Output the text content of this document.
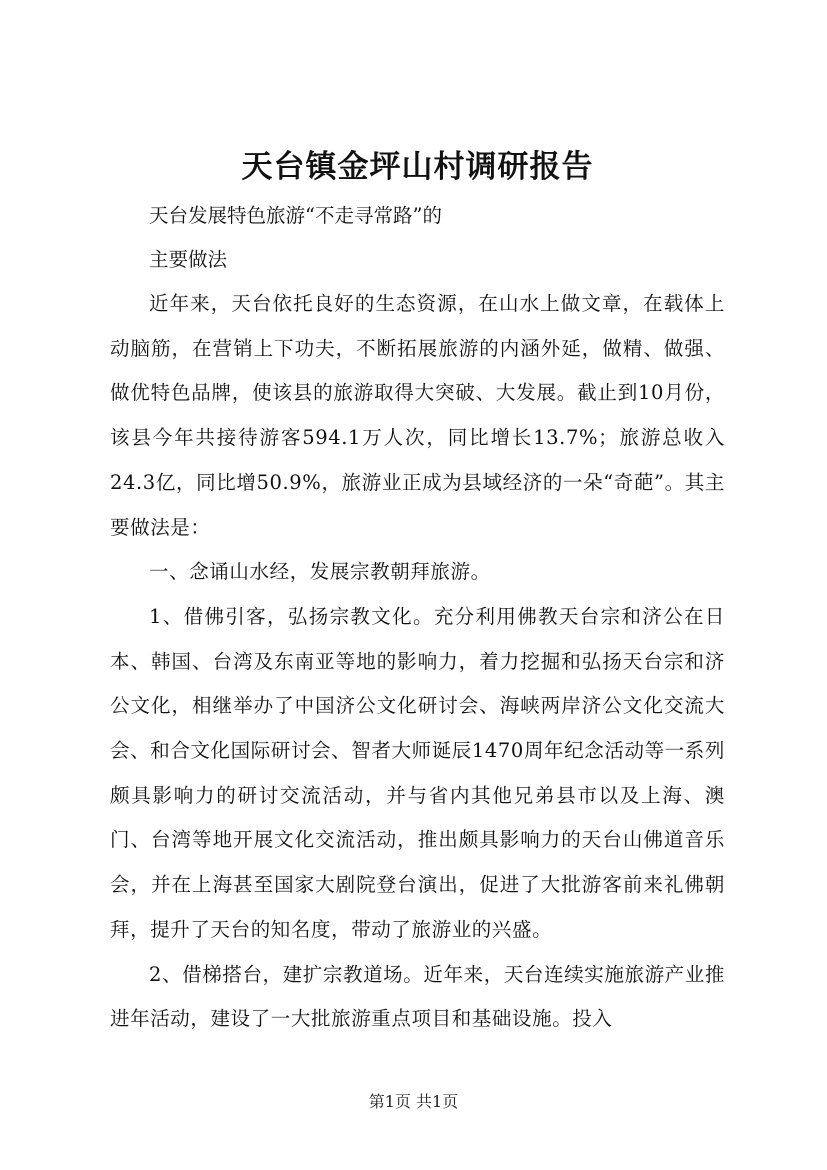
天台镇金坪山村调研报告

天台发展特色旅游“不走寻常路”的

主要做法

近年来，天台依托良好的生态资源，在山水上做文章，在载体上动脑筋，在营销上下功夫，不断拓展旅游的内涵外延，做精、做强、做优特色品牌，使该县的旅游取得大突破、大发展。截止到10月份，该县今年共接待游客594.1万人次，同比增长13.7%；旅游总收入24.3亿，同比增50.9%，旅游业正成为县域经济的一朵“奇葩”。其主要做法是：

一、念诵山水经，发展宗教朝拜旅游。

1、借佛引客，弘扬宗教文化。充分利用佛教天台宗和济公在日本、韩国、台湾及东南亚等地的影响力，着力挖掘和弘扬天台宗和济公文化，相继举办了中国济公文化研讨会、海峡两岸济公文化交流大会、和合文化国际研讨会、智者大师诞辰1470周年纪念活动等一系列颇具影响力的研讨交流活动，并与省内其他兄弟县市以及上海、澳门、台湾等地开展文化交流活动，推出颇具影响力的天台山佛道音乐会，并在上海甚至国家大剧院登台演出，促进了大批游客前来礼佛朝拜，提升了天台的知名度，带动了旅游业的兴盛。

2、借梯搭台，建扩宗教道场。近年来，天台连续实施旅游产业推进年活动，建设了一大批旅游重点项目和基础设施。投入

第1页 共1页
